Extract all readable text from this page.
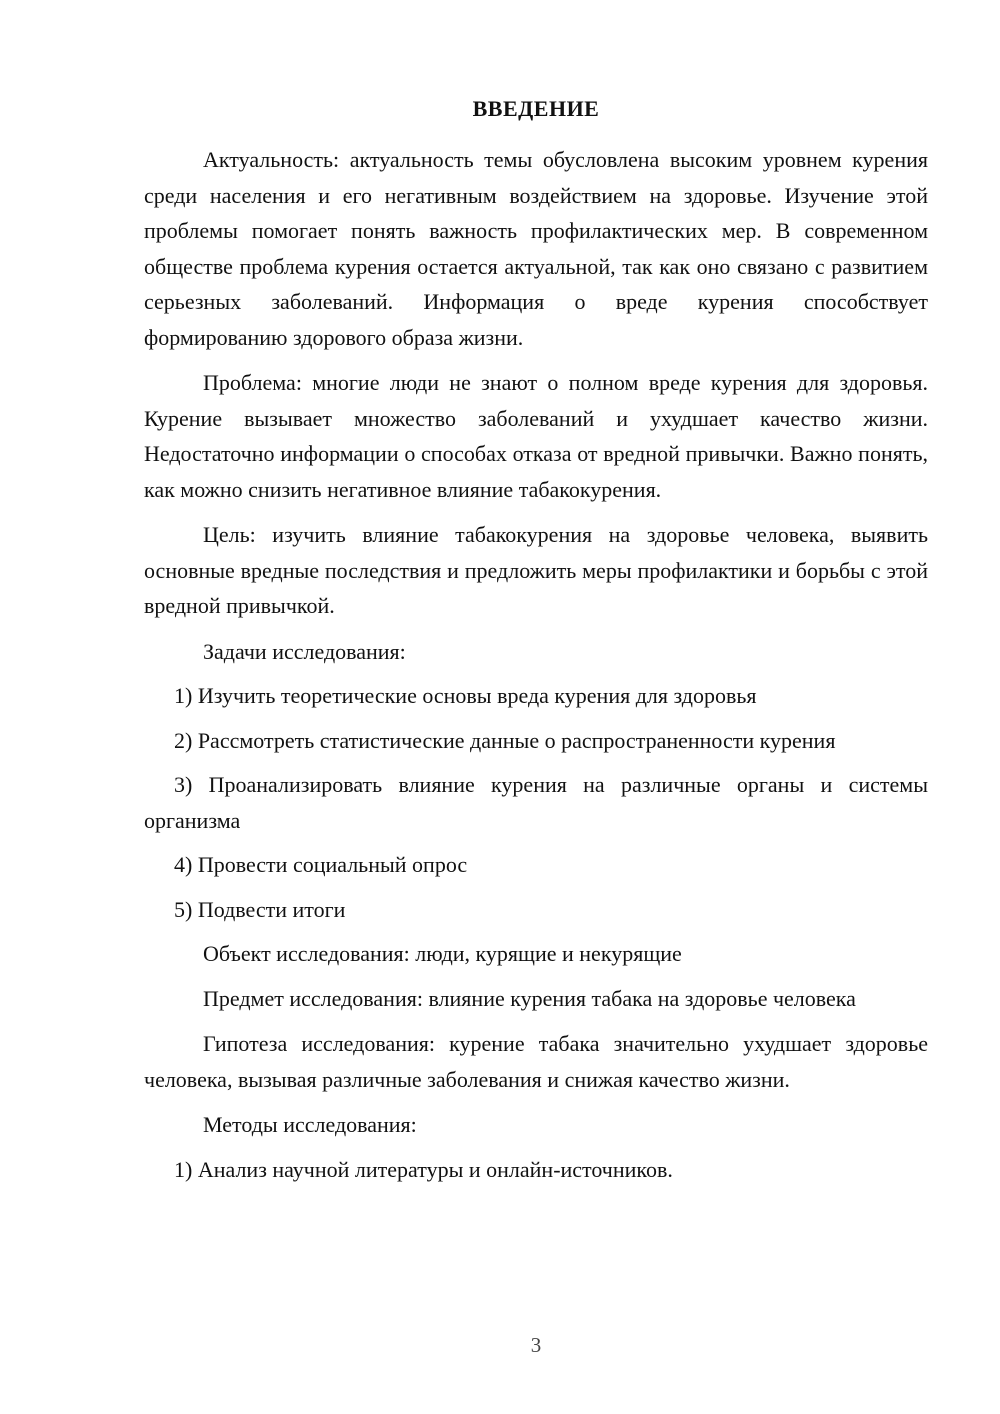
ВВЕДЕНИЕ

Актуальность: актуальность темы обусловлена высоким уровнем курения среди населения и его негативным воздействием на здоровье. Изучение этой проблемы помогает понять важность профилактических мер. В современном обществе проблема курения остается актуальной, так как оно связано с развитием серьезных заболеваний. Информация о вреде курения способствует формированию здорового образа жизни.

Проблема: многие люди не знают о полном вреде курения для здоровья. Курение вызывает множество заболеваний и ухудшает качество жизни. Недостаточно информации о способах отказа от вредной привычки. Важно понять, как можно снизить негативное влияние табакокурения.

Цель: изучить влияние табакокурения на здоровье человека, выявить основные вредные последствия и предложить меры профилактики и борьбы с этой вредной привычкой.

Задачи исследования:

1) Изучить теоретические основы вреда курения для здоровья

2) Рассмотреть статистические данные о распространенности курения

3) Проанализировать влияние курения на различные органы и системы организма

4) Провести социальный опрос

5) Подвести итоги

Объект исследования: люди, курящие и некурящие

Предмет исследования: влияние курения табака на здоровье человека

Гипотеза исследования: курение табака значительно ухудшает здоровье человека, вызывая различные заболевания и снижая качество жизни.

Методы исследования:

1) Анализ научной литературы и онлайн-источников.

3
